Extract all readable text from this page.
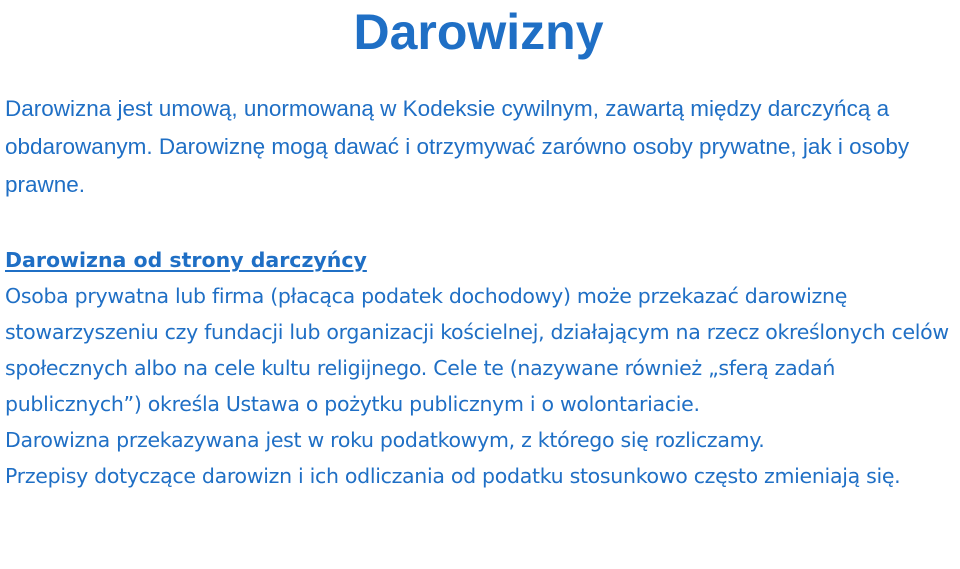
Darowizny

Darowizna jest umową, unormowaną w Kodeksie cywilnym, zawartą między darczyńcą a obdarowanym. Darowiznę mogą dawać i otrzymywać zarówno osoby prywatne, jak i osoby prawne.

Darowizna od strony darczyńcy

Osoba prywatna lub firma (płacąca podatek dochodowy) może przekazać darowiznę stowarzyszeniu czy fundacji lub organizacji kościelnej, działającym na rzecz określonych celów społecznych albo na cele kultu religijnego. Cele te (nazywane również „sferą zadań publicznych”) określa Ustawa o pożytku publicznym i o wolontariacie.

Darowizna przekazywana jest w roku podatkowym, z którego się rozliczamy.

Przepisy dotyczące darowizn i ich odliczania od podatku stosunkowo często zmieniają się.
